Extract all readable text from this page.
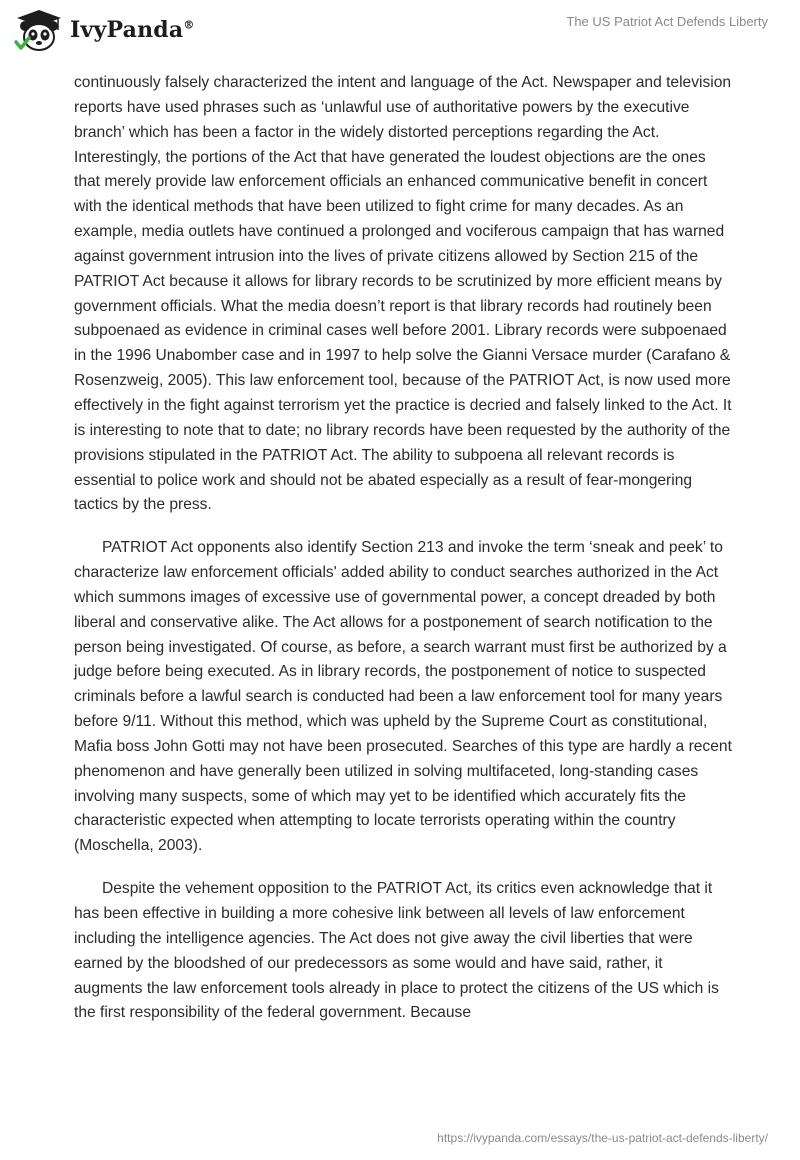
IvyPanda®	The US Patriot Act Defends Liberty

continuously falsely characterized the intent and language of the Act. Newspaper and television reports have used phrases such as ‘unlawful use of authoritative powers by the executive branch’ which has been a factor in the widely distorted perceptions regarding the Act. Interestingly, the portions of the Act that have generated the loudest objections are the ones that merely provide law enforcement officials an enhanced communicative benefit in concert with the identical methods that have been utilized to fight crime for many decades. As an example, media outlets have continued a prolonged and vociferous campaign that has warned against government intrusion into the lives of private citizens allowed by Section 215 of the PATRIOT Act because it allows for library records to be scrutinized by more efficient means by government officials. What the media doesn’t report is that library records had routinely been subpoenaed as evidence in criminal cases well before 2001. Library records were subpoenaed in the 1996 Unabomber case and in 1997 to help solve the Gianni Versace murder (Carafano & Rosenzweig, 2005). This law enforcement tool, because of the PATRIOT Act, is now used more effectively in the fight against terrorism yet the practice is decried and falsely linked to the Act. It is interesting to note that to date; no library records have been requested by the authority of the provisions stipulated in the PATRIOT Act. The ability to subpoena all relevant records is essential to police work and should not be abated especially as a result of fear-mongering tactics by the press.

PATRIOT Act opponents also identify Section 213 and invoke the term ‘sneak and peek’ to characterize law enforcement officials' added ability to conduct searches authorized in the Act which summons images of excessive use of governmental power, a concept dreaded by both liberal and conservative alike. The Act allows for a postponement of search notification to the person being investigated. Of course, as before, a search warrant must first be authorized by a judge before being executed. As in library records, the postponement of notice to suspected criminals before a lawful search is conducted had been a law enforcement tool for many years before 9/11. Without this method, which was upheld by the Supreme Court as constitutional, Mafia boss John Gotti may not have been prosecuted. Searches of this type are hardly a recent phenomenon and have generally been utilized in solving multifaceted, long-standing cases involving many suspects, some of which may yet to be identified which accurately fits the characteristic expected when attempting to locate terrorists operating within the country (Moschella, 2003).

Despite the vehement opposition to the PATRIOT Act, its critics even acknowledge that it has been effective in building a more cohesive link between all levels of law enforcement including the intelligence agencies. The Act does not give away the civil liberties that were earned by the bloodshed of our predecessors as some would and have said, rather, it augments the law enforcement tools already in place to protect the citizens of the US which is the first responsibility of the federal government. Because

https://ivypanda.com/essays/the-us-patriot-act-defends-liberty/
